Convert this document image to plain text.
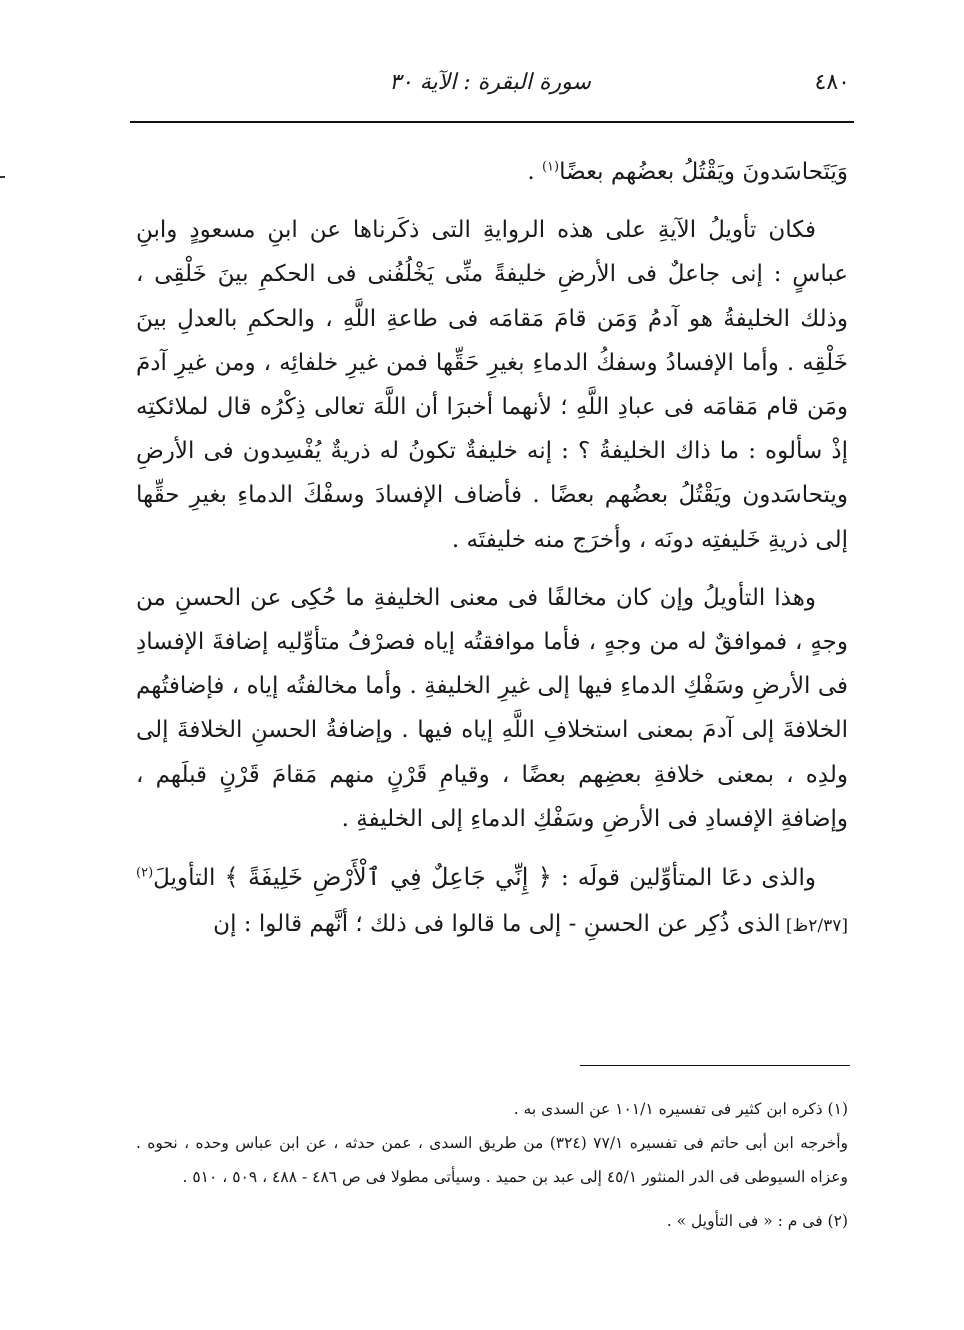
٤٨٠
سورة البقرة : الآية ٣٠

وَيَتَحاسَدونَ ويَقْتُلُ بعضُهم بعضًا$^{(١)}$ .

فكان تأويلُ الآيةِ على هذه الروايةِ التى ذكَرناها عن ابنِ مسعودٍ وابنِ عباسٍ : إنى جاعلٌ فى الأرضِ خليفةً منِّى يَخْلُفُنى فى الحكمِ بينَ خَلْقِى ، وذلك الخليفةُ هو آدمُ وَمَن قامَ مَقامَه فى طاعةِ اللَّهِ ، والحكمِ بالعدلِ بينَ خَلْقِه . وأما الإفسادُ وسفكُ الدماءِ بغيرِ حَقِّها فمن غيرِ خلفائِه ، ومن غيرِ آدمَ ومَن قام مَقامَه فى عبادِ اللَّهِ ؛ لأنهما أخبرَا أن اللَّهَ تعالى ذِكْرُه قال لملائكتِه إذْ سألوه : ما ذاك الخليفةُ ؟ : إنه خليفةٌ تكونُ له ذريةٌ يُفْسِدون فى الأرضِ ويتحاسَدون ويَقْتُلُ بعضُهم بعضًا . فأضاف الإفسادَ وسفْكَ الدماءِ بغيرِ حقِّها إلى ذريةِ خَليفتِه دونَه ، وأخرَج منه خليفتَه .

وهذا التأويلُ وإن كان مخالفًا فى معنى الخليفةِ ما حُكِى عن الحسنِ من وجهٍ ، فموافقٌ له من وجهٍ ، فأما موافقتُه إياه فصرْفُ متأوِّليه إضافةَ الإفسادِ فى الأرضِ وسَفْكِ الدماءِ فيها إلى غيرِ الخليفةِ . وأما مخالفتُه إياه ، فإضافتُهم الخلافةَ إلى آدمَ بمعنى استخلافِ اللَّهِ إياه فيها . وإضافةُ الحسنِ الخلافةَ إلى ولدِه ، بمعنى خلافةِ بعضِهم بعضًا ، وقيامِ قَرْنٍ منهم مَقامَ قَرْنٍ قبلَهم ، وإضافةِ الإفسادِ فى الأرضِ وسَفْكِ الدماءِ إلى الخليفةِ .

والذى دعَا المتأوِّلين قولَه : ﴿ إِنِّي جَاعِلٌ فِي ٱلْأَرْضِ خَلِيفَةً ﴾ التأويلَ$^{(٢)}$ [٢/٣٧ظ] الذى ذُكِر عن الحسنِ - إلى ما قالوا فى ذلك ؛ أنَّهم قالوا : إن

(١) ذكره ابن كثير فى تفسيره ١٠١/١ عن السدى به .

وأخرجه ابن أبى حاتم فى تفسيره ٧٧/١ (٣٢٤) من طريق السدى ، عمن حدثه ، عن ابن عباس وحده ، نحوه . وعزاه السيوطى فى الدر المنثور ٤٥/١ إلى عبد بن حميد . وسيأتى مطولا فى ص ٤٨٦ - ٤٨٨ ، ٥٠٩ ، ٥١٠ .

(٢) فى م : « فى التأويل » .
